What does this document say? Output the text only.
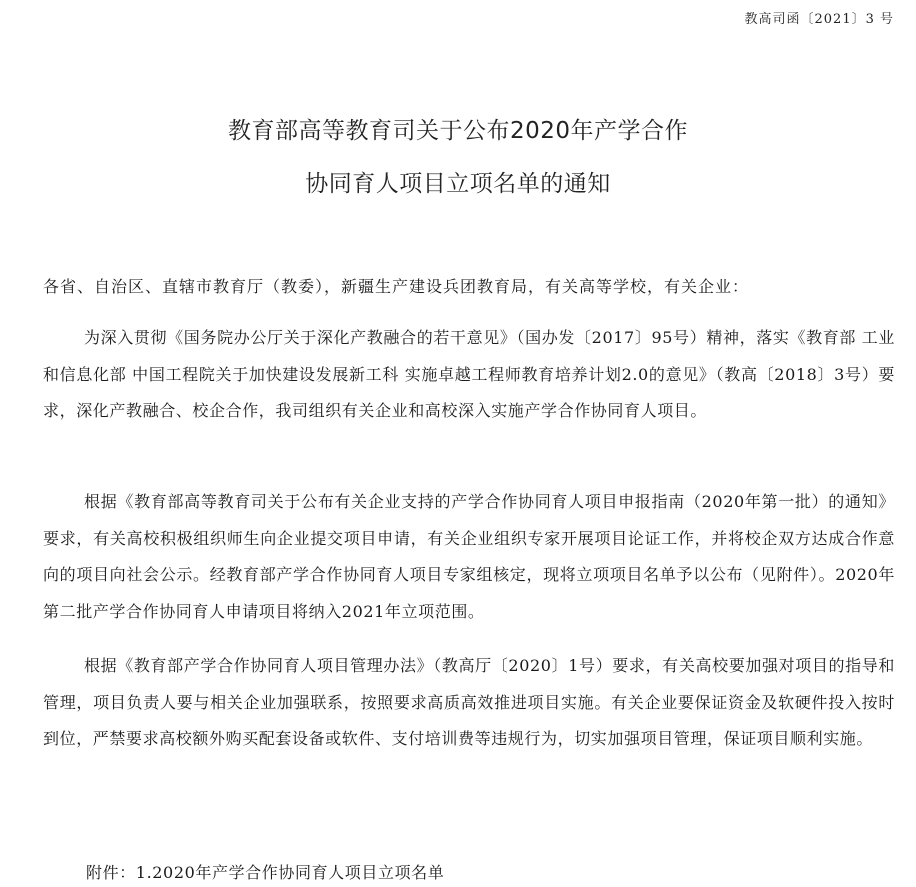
教高司函〔2021〕3 号
教育部高等教育司关于公布2020年产学合作
协同育人项目立项名单的通知
各省、自治区、直辖市教育厅（教委），新疆生产建设兵团教育局，有关高等学校，有关企业：

为深入贯彻《国务院办公厅关于深化产教融合的若干意见》（国办发〔2017〕95号）精神，落实《教育部 工业和信息化部 中国工程院关于加快建设发展新工科 实施卓越工程师教育培养计划2.0的意见》（教高〔2018〕3号）要求，深化产教融合、校企合作，我司组织有关企业和高校深入实施产学合作协同育人项目。

根据《教育部高等教育司关于公布有关企业支持的产学合作协同育人项目申报指南（2020年第一批）的通知》要求，有关高校积极组织师生向企业提交项目申请，有关企业组织专家开展项目论证工作，并将校企双方达成合作意向的项目向社会公示。经教育部产学合作协同育人项目专家组核定，现将立项项目名单予以公布（见附件）。2020年第二批产学合作协同育人申请项目将纳入2021年立项范围。

根据《教育部产学合作协同育人项目管理办法》（教高厅〔2020〕1号）要求，有关高校要加强对项目的指导和管理，项目负责人要与相关企业加强联系，按照要求高质高效推进项目实施。有关企业要保证资金及软硬件投入按时到位，严禁要求高校额外购买配套设备或软件、支付培训费等违规行为，切实加强项目管理，保证项目顺利实施。

附件：1.2020年产学合作协同育人项目立项名单
